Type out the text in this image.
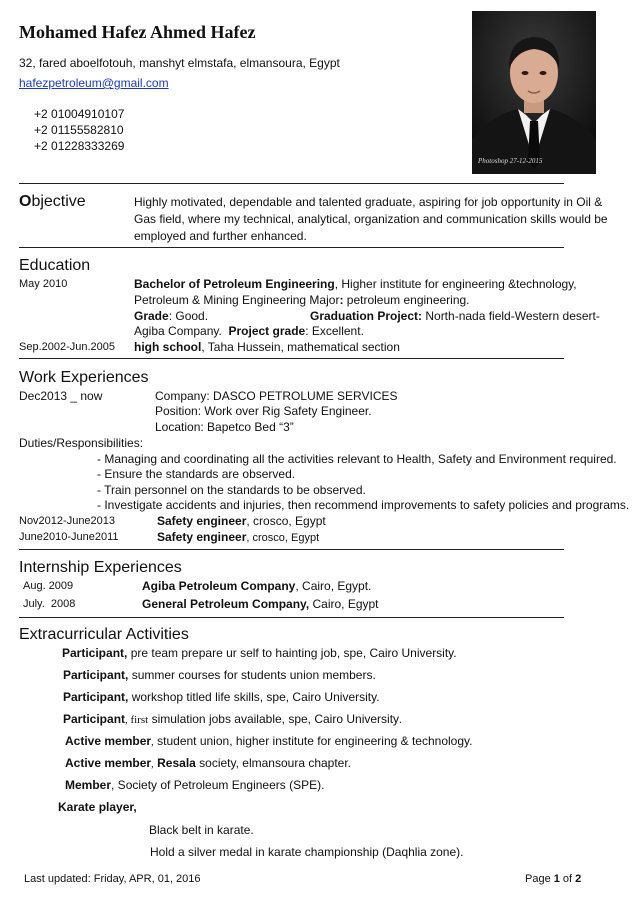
Mohamed Hafez Ahmed Hafez
32, fared aboelfotouh, manshyt elmstafa, elmansoura, Egypt
hafezpetroleum@gmail.com
+2 01004910107
+2 01155582810
+2 01228333269
Photoshop 27-12-2015
Objective	Highly motivated, dependable and talented graduate, aspiring for job opportunity in Oil &
Gas field, where my technical, analytical, organization and communication skills would be
employed and further enhanced.
Education
May 2010	Bachelor of Petroleum Engineering, Higher institute for engineering &technology,
Petroleum & Mining Engineering Major: petroleum engineering.
Grade: Good.	Graduation Project: North-nada field-Western desert-
Agiba Company.  Project grade: Excellent.
Sep.2002-Jun.2005 high school, Taha Hussein, mathematical section
Work Experiences
Dec2013 _ now	Company: DASCO PETROLUME SERVICES
Position: Work over Rig Safety Engineer.
Location: Bapetco Bed “3”
Duties/Responsibilities:
- Managing and coordinating all the activities relevant to Health, Safety and Environment required.
- Ensure the standards are observed.
- Train personnel on the standards to be observed.
- Investigate accidents and injuries, then recommend improvements to safety policies and programs.
Nov2012-June2013	Safety engineer, crosco, Egypt
June2010-June2011	Safety engineer, crosco, Egypt
Internship Experiences
Aug. 2009	Agiba Petroleum Company, Cairo, Egypt.
July.  2008	General Petroleum Company, Cairo, Egypt
Extracurricular Activities
Participant, pre team prepare ur self to hainting job, spe, Cairo University.
Participant, summer courses for students union members.
Participant, workshop titled life skills, spe, Cairo University.
Participant, first simulation jobs available, spe, Cairo University.
Active member, student union, higher institute for engineering & technology.
Active member, Resala society, elmansoura chapter.
Member, Society of Petroleum Engineers (SPE).
Karate player,
Black belt in karate.
Hold a silver medal in karate championship (Daqhlia zone).
Last updated: Friday, APR, 01, 2016	Page 1 of 2
